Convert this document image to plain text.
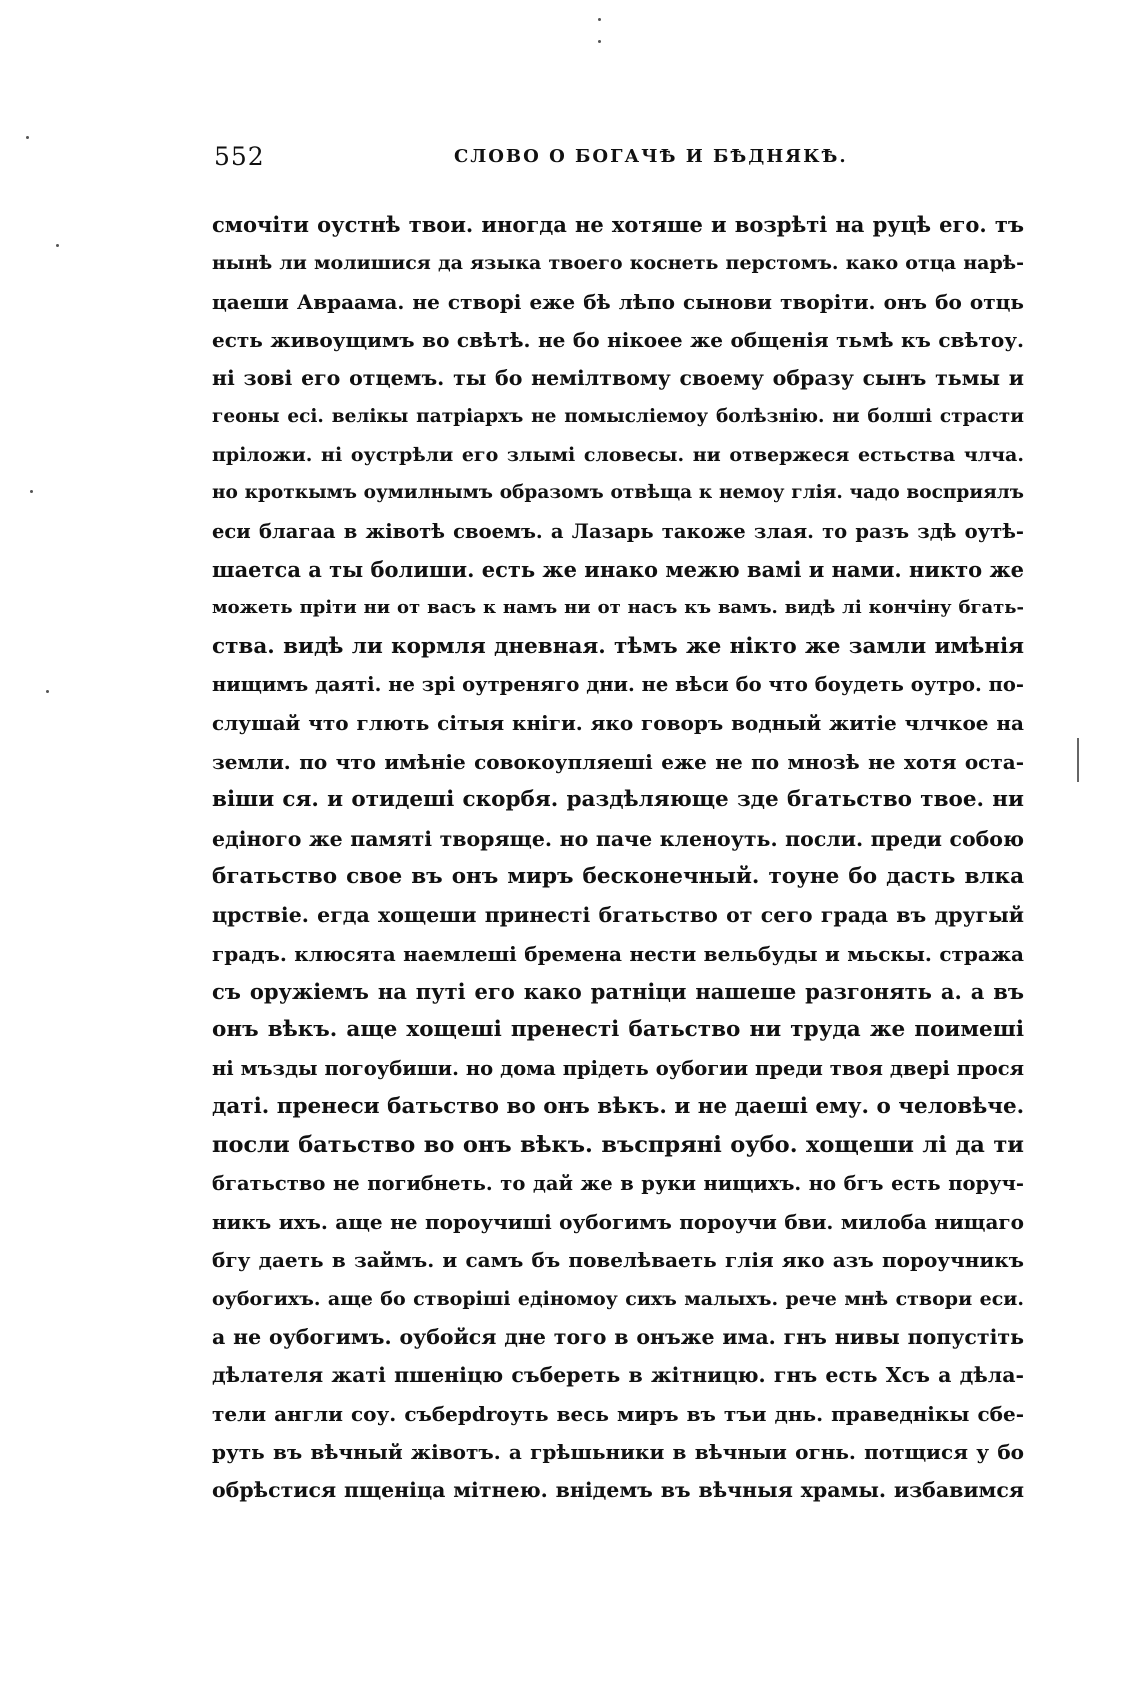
552	СЛОВО О БОГАЧѢ И БѢДНЯКѢ.
смочіти оустнѣ твои. иногда не хотяше и возрѣті на руцѣ его. тъ
нынѣ ли молишися да языка твоего коснеть перстомъ. како отца нарѣ-
цаеши Авраама. не створі еже бѣ лѣпо сынови творіти. онъ бо отць
есть живоущимъ во свѣтѣ. не бо нікоее же общенія тьмѣ къ свѣтоу.
ні зові его отцемъ. ты бо немілтвому своему образу сынъ тьмы и
геоны есі. велікы патріархъ не помысліемоу болѣзнію. ни болші страсти
пріложи. ні оустрѣли его злымі словесы. ни отвержеся естьства члча.
но кроткымъ оумилнымъ образомъ отвѣща к немоу глія. чадо восприялъ
еси благаа в жівотѣ своемъ. а Лазарь такоже злая. то разъ здѣ оутѣ-
шаетса а ты болиши. есть же инако межю вамі и нами. никто же
можеть пріти ни от васъ к намъ ни от насъ къ вамъ. видѣ лі кончіну бгать-
ства. видѣ ли кормля дневная. тѣмъ же нікто же замли имѣнія
нищимъ даяті. не зрі оутреняго дни. не вѣси бо что боудеть оутро. по-
слушай что глють сітыя кніги. яко говоръ водный житіе члчкое на
земли. по что имѣніе совокоупляеші еже не по мнозѣ не хотя оста-
віши ся. и отидеші скорбя. раздѣляюще зде бгатьство твое. ни
едіного же памяті творяще. но паче кленоуть. посли. преди собою
бгатьство свое въ онъ миръ бесконечный. тоуне бо дасть влка
црствіе. егда хощеши принесті бгатьство от сего града въ другый
градъ. клюсята наемлеші бремена нести вельбуды и мьскы. стража
съ оружіемъ на путі его како ратніци нашеше разгонять а. а въ
онъ вѣкъ. аще хощеші пренестi батьство ни труда же поимеші
ні мъзды погоубиши. но дома прідеть оубогии преди твоя дверi прося
датi. пренеси батьство во онъ вѣкъ. и не даеші ему. о человѣче.
посли батьство во онъ вѣкъ. въспряні оубо. хощеши лі да ти
бгатьство не погибнеть. то дай же в руки нищихъ. но бгъ есть поруч-
никъ ихъ. аще не пороучиші оубогимъ пороучи бви. милоба нищаго
бгу даеть в займъ. и самъ бъ повелѣваеть глія яко азъ пороучникъ
оубогихъ. аще бо створіші едіномоу сихъ малыхъ. рече мнѣ створи еси.
а не оубогимъ. оубойся дне того в онъже има. гнъ нивы попустіть
дѣлателя жаті пшеніцю събереть в жітницю. гнъ есть Хсъ а дѣла-
тели англи соу. съберdroуть весь миръ въ тъи днь. праведнікы сбе-
руть въ вѣчный жівотъ. а грѣшьники в вѣчныи огнь. потщися у бо
обрѣстися пщеніца мітнею. внідемъ въ вѣчныя храмы. избавимся
